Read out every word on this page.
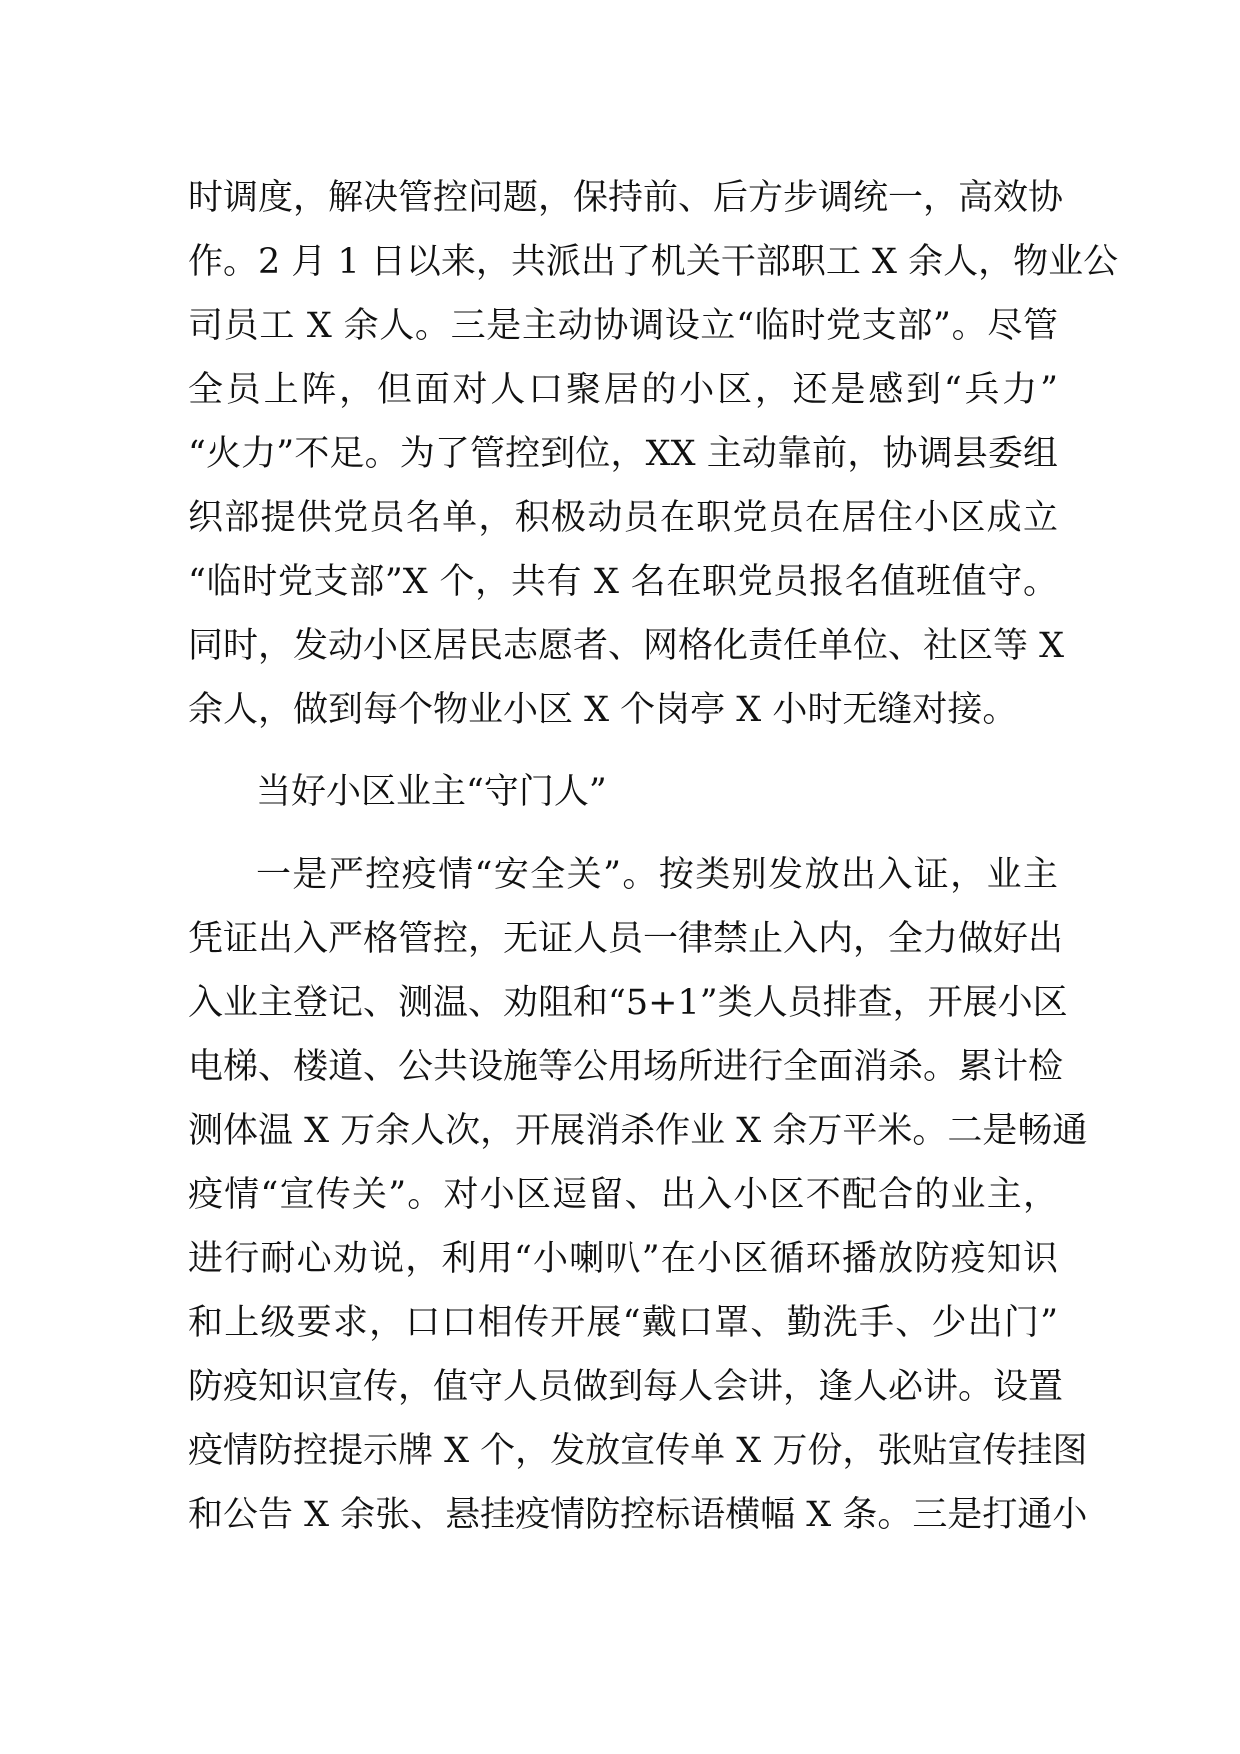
时调度，解决管控问题，保持前、后方步调统一，高效协
作。2 月 1 日以来，共派出了机关干部职工 X 余人，物业公
司员工 X 余人。三是主动协调设立“临时党支部”。尽管
全员上阵，但面对人口聚居的小区，还是感到“兵力”
“火力”不足。为了管控到位，XX 主动靠前，协调县委组
织部提供党员名单，积极动员在职党员在居住小区成立
“临时党支部”X 个，共有 X 名在职党员报名值班值守。
同时，发动小区居民志愿者、网格化责任单位、社区等 X
余人，做到每个物业小区 X 个岗亭 X 小时无缝对接。
当好小区业主“守门人”
一是严控疫情“安全关”。按类别发放出入证，业主
凭证出入严格管控，无证人员一律禁止入内，全力做好出
入业主登记、测温、劝阻和“5+1”类人员排查，开展小区
电梯、楼道、公共设施等公用场所进行全面消杀。累计检
测体温 X 万余人次，开展消杀作业 X 余万平米。二是畅通
疫情“宣传关”。对小区逗留、出入小区不配合的业主，
进行耐心劝说，利用“小喇叭”在小区循环播放防疫知识
和上级要求，口口相传开展“戴口罩、勤洗手、少出门”
防疫知识宣传，值守人员做到每人会讲，逢人必讲。设置
疫情防控提示牌 X 个，发放宣传单 X 万份，张贴宣传挂图
和公告 X 余张、悬挂疫情防控标语横幅 X 条。三是打通小
